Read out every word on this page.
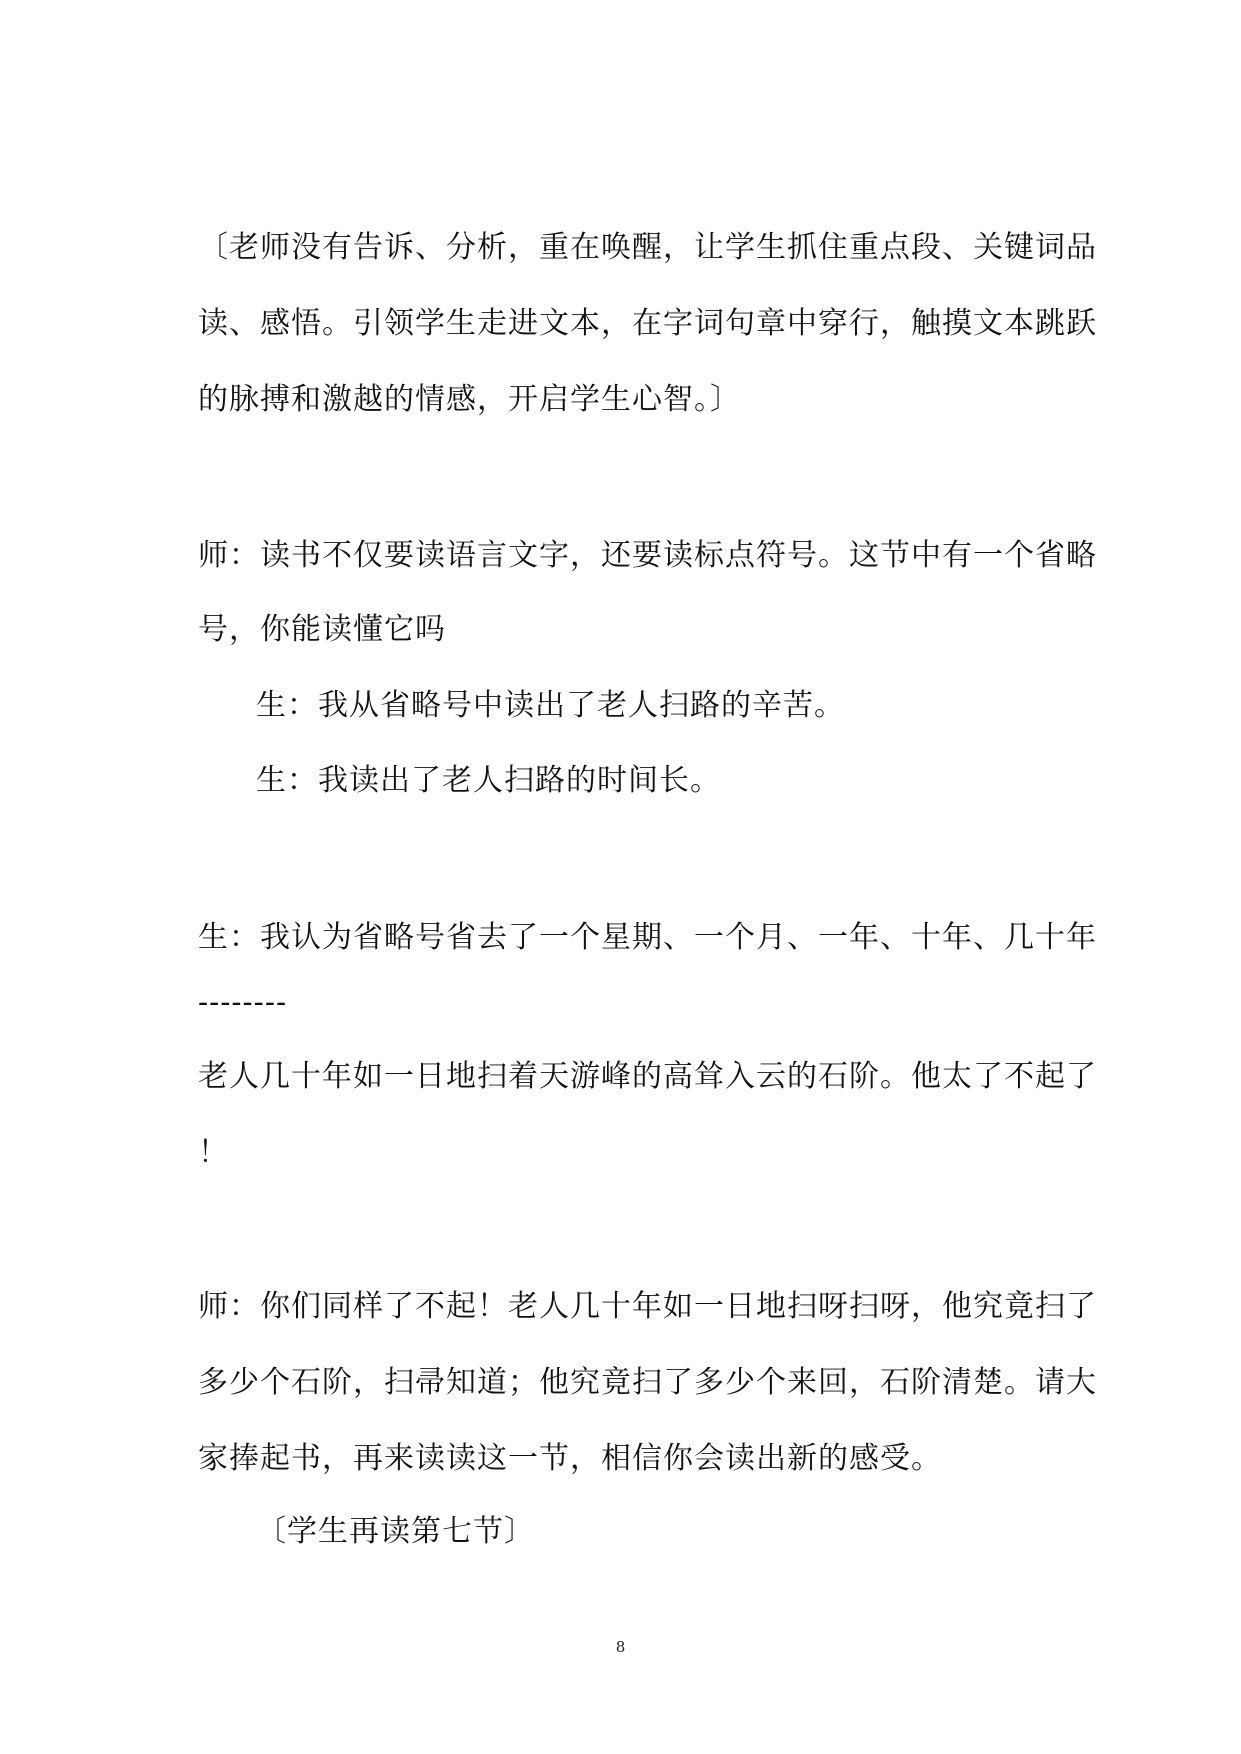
〔老师没有告诉、分析，重在唤醒，让学生抓住重点段、关键词品
读、感悟。引领学生走进文本，在字词句章中穿行，触摸文本跳跃
的脉搏和激越的情感，开启学生心智。〕
师：读书不仅要读语言文字，还要读标点符号。这节中有一个省略
号，你能读懂它吗
生：我从省略号中读出了老人扫路的辛苦。
生：我读出了老人扫路的时间长。
生：我认为省略号省去了一个星期、一个月、一年、十年、几十年
--------
老人几十年如一日地扫着天游峰的高耸入云的石阶。他太了不起了
！
师：你们同样了不起！老人几十年如一日地扫呀扫呀，他究竟扫了
多少个石阶，扫帚知道；他究竟扫了多少个来回，石阶清楚。请大
家捧起书，再来读读这一节，相信你会读出新的感受。
〔学生再读第七节〕
8
